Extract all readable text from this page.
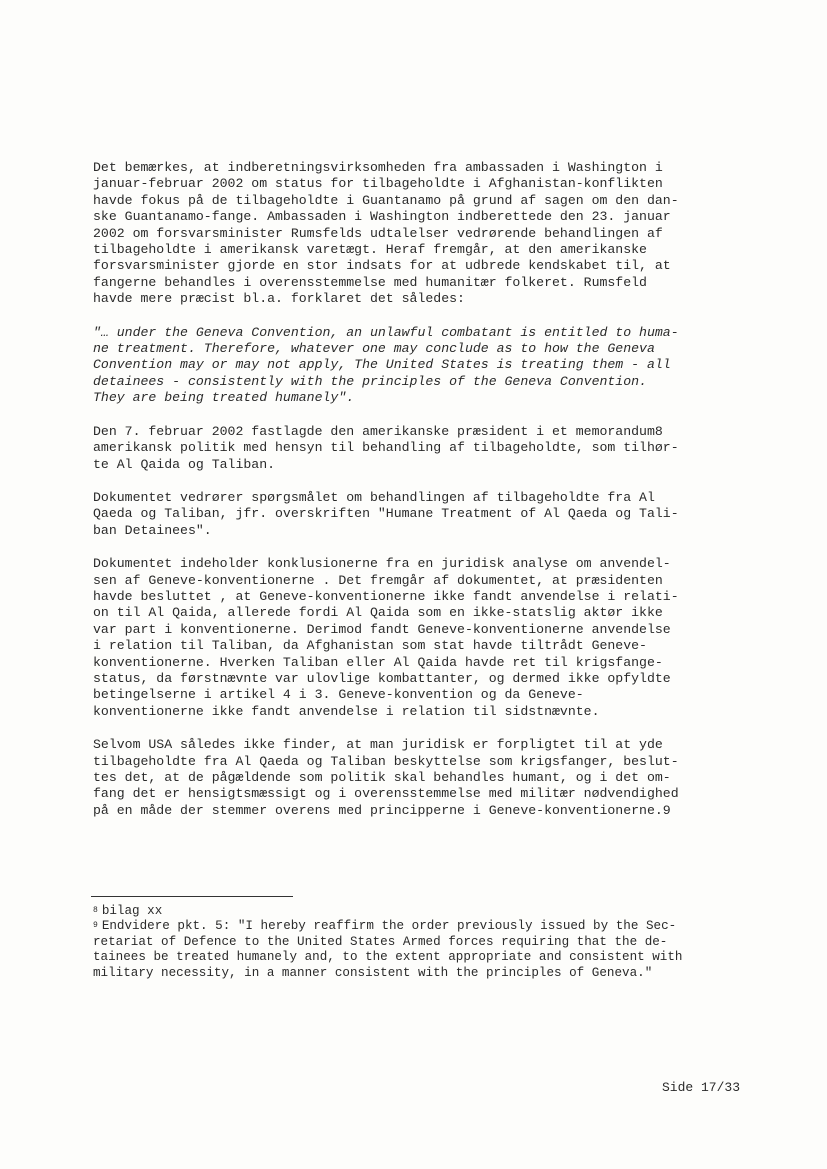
Det bemærkes, at indberetningsvirksomheden fra ambassaden i Washington i
januar-februar 2002 om status for tilbageholdte i Afghanistan-konflikten
havde fokus på de tilbageholdte i Guantanamo på grund af sagen om den dan-
ske Guantanamo-fange. Ambassaden i Washington indberettede den 23. januar
2002 om forsvarsminister Rumsfelds udtalelser vedrørende behandlingen af
tilbageholdte i amerikansk varetægt. Heraf fremgår, at den amerikanske
forsvarsminister gjorde en stor indsats for at udbrede kendskabet til, at
fangerne behandles i overensstemmelse med humanitær folkeret. Rumsfeld
havde mere præcist bl.a. forklaret det således:
"… under the Geneva Convention, an unlawful combatant is entitled to huma-
ne treatment. Therefore, whatever one may conclude as to how the Geneva
Convention may or may not apply, The United States is treating them - all
detainees - consistently with the principles of the Geneva Convention.
They are being treated humanely".
Den 7. februar 2002 fastlagde den amerikanske præsident i et memorandum8
amerikansk politik med hensyn til behandling af tilbageholdte, som tilhør-
te Al Qaida og Taliban.
Dokumentet vedrører spørgsmålet om behandlingen af tilbageholdte fra Al
Qaeda og Taliban, jfr. overskriften "Humane Treatment of Al Qaeda og Tali-
ban Detainees".
Dokumentet indeholder konklusionerne fra en juridisk analyse om anvendel-
sen af Geneve-konventionerne . Det fremgår af dokumentet, at præsidenten
havde besluttet , at Geneve-konventionerne ikke fandt anvendelse i relati-
on til Al Qaida, allerede fordi Al Qaida som en ikke-statslig aktør ikke
var part i konventionerne. Derimod fandt Geneve-konventionerne anvendelse
i relation til Taliban, da Afghanistan som stat havde tiltrådt Geneve-
konventionerne. Hverken Taliban eller Al Qaida havde ret til krigsfange-
status, da førstnævnte var ulovlige kombattanter, og dermed ikke opfyldte
betingelserne i artikel 4 i 3. Geneve-konvention og da Geneve-
konventionerne ikke fandt anvendelse i relation til sidstnævnte.
Selvom USA således ikke finder, at man juridisk er forpligtet til at yde
tilbageholdte fra Al Qaeda og Taliban beskyttelse som krigsfanger, beslut-
tes det, at de pågældende som politik skal behandles humant, og i det om-
fang det er hensigtsmæssigt og i overensstemmelse med militær nødvendighed
på en måde der stemmer overens med principperne i Geneve-konventionerne.9

$^8$ bilag xx

$^9$ Endvidere pkt. 5: "I hereby reaffirm the order previously issued by the Sec-
retariat of Defence to the United States Armed forces requiring that the de-
tainees be treated humanely and, to the extent appropriate and consistent with
military necessity, in a manner consistent with the principles of Geneva."

Side 17/33
